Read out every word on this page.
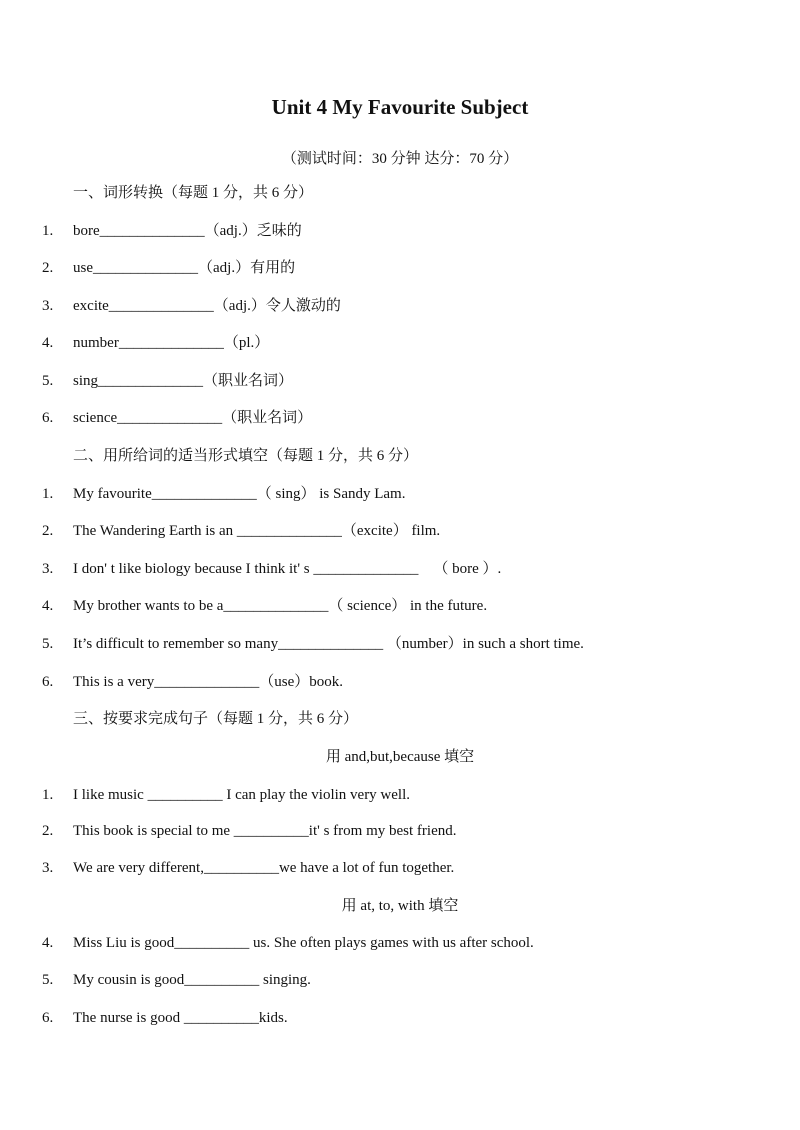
Unit 4 My Favourite Subject
（测试时间：30 分钟 达分：70 分）
一、词形转换（每题 1 分，共 6 分）
1.	bore______________（adj.）乏味的
2.	use______________（adj.）有用的
3.	excite______________（adj.）令人激动的
4.	number______________（pl.）
5.	sing______________（职业名词）
6.	science______________（职业名词）
二、用所给词的适当形式填空（每题 1 分，共 6 分）
1.	My favourite______________（ sing） is Sandy Lam.
2.	The Wandering Earth is an ______________（excite） film.
3.	I don' t like biology because I think it' s ______________    （ bore ）.
4.	My brother wants to be a______________（ science） in the future.
5.	It’s difficult to remember so many______________ （number）in such a short time.
6.	This is a very______________（use）book.
三、按要求完成句子（每题 1 分，共 6 分）
用 and,but,because 填空
1.	I like music __________ I can play the violin very well.
2.	This book is special to me __________it' s from my best friend.
3.	We are very different,__________we have a lot of fun together.
用 at, to, with 填空
4.	Miss Liu is good__________ us. She often plays games with us after school.
5.	My cousin is good__________ singing.
6.	The nurse is good __________kids.
